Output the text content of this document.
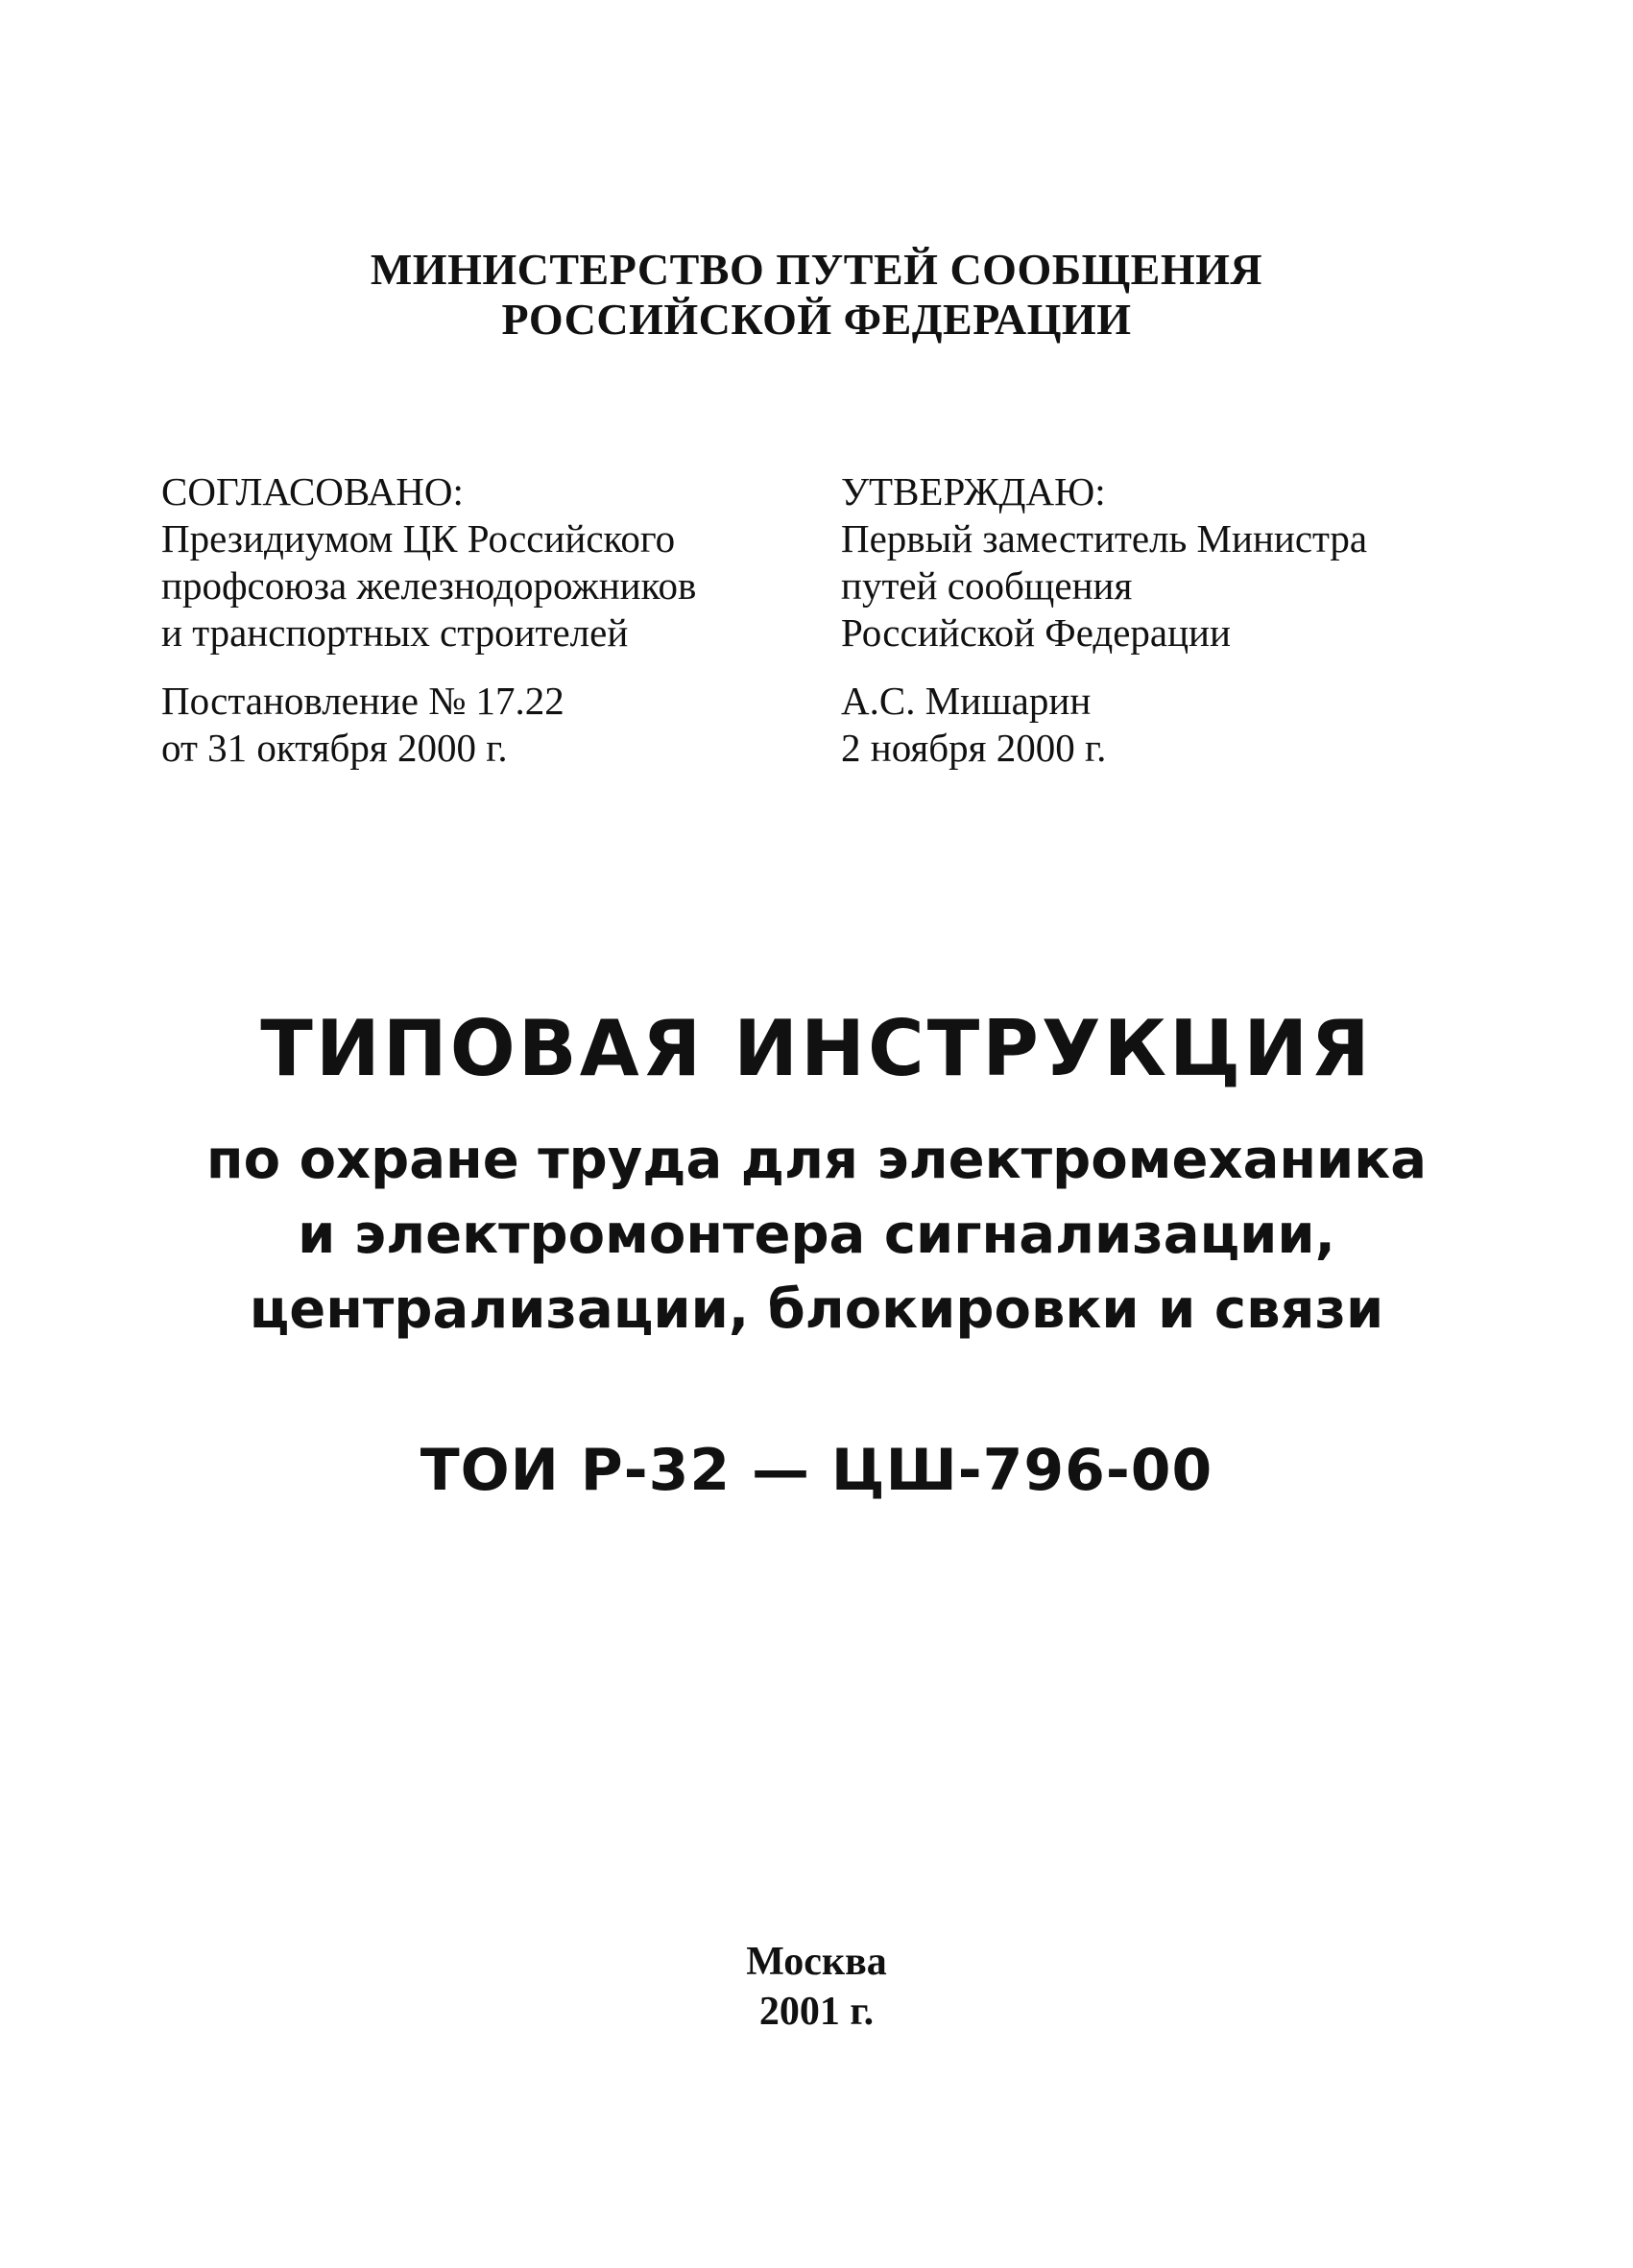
МИНИСТЕРСТВО ПУТЕЙ СООБЩЕНИЯ
РОССИЙСКОЙ ФЕДЕРАЦИИ
СОГЛАСОВАНО:
Президиумом ЦК Российского
профсоюза железнодорожников
и транспортных строителей
Постановление № 17.22
от 31 октября 2000 г.
УТВЕРЖДАЮ:
Первый заместитель Министра
путей сообщения
Российской Федерации
А.С. Мишарин
2 ноября 2000 г.
ТИПОВАЯ ИНСТРУКЦИЯ
по охране труда для электромеханика
и электромонтера сигнализации,
централизации, блокировки и связи
ТОИ Р-32 — ЦШ-796-00
Москва
2001 г.
